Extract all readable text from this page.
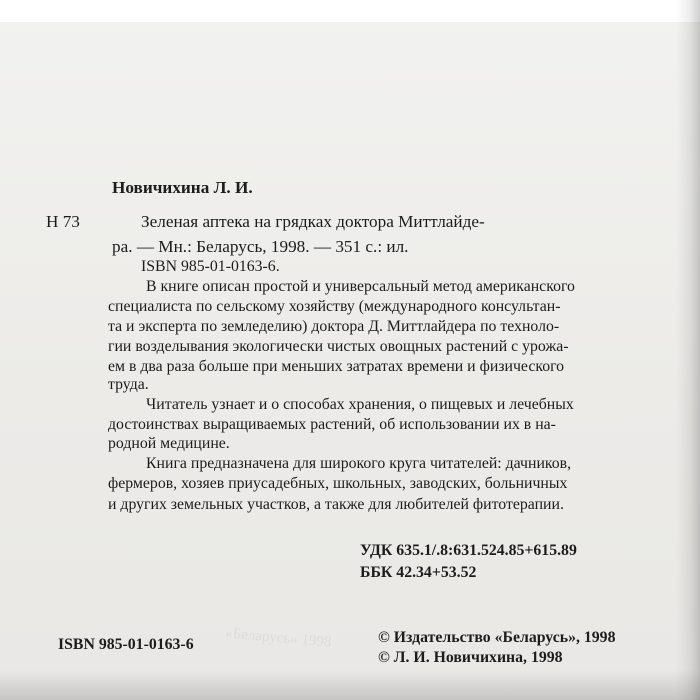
«Беларусь» 1998
Новичихина Л. И.
Н 73	Зеленая аптека на грядках доктора Миттлайде-
ра. — Мн.: Беларусь, 1998. — 351 с.: ил.
ISBN 985-01-0163-6.
В книге описан простой и универсальный метод американского
специалиста по сельскому хозяйству (международного консультан-
та и эксперта по земледелию) доктора Д. Миттлайдера по техноло-
гии возделывания экологически чистых овощных растений с урожа-
ем в два раза больше при меньших затратах времени и физического
труда.
Читатель узнает и о способах хранения, о пищевых и лечебных
достоинствах выращиваемых растений, об использовании их в на-
родной медицине.
Книга предназначена для широкого круга читателей: дачников,
фермеров, хозяев приусадебных, школьных, заводских, больничных
и других земельных участков, а также для любителей фитотерапии.
УДК 635.1/.8:631.524.85+615.89
ББК 42.34+53.52
ISBN 985-01-0163-6	© Издательство «Беларусь», 1998
© Л. И. Новичихина, 1998
